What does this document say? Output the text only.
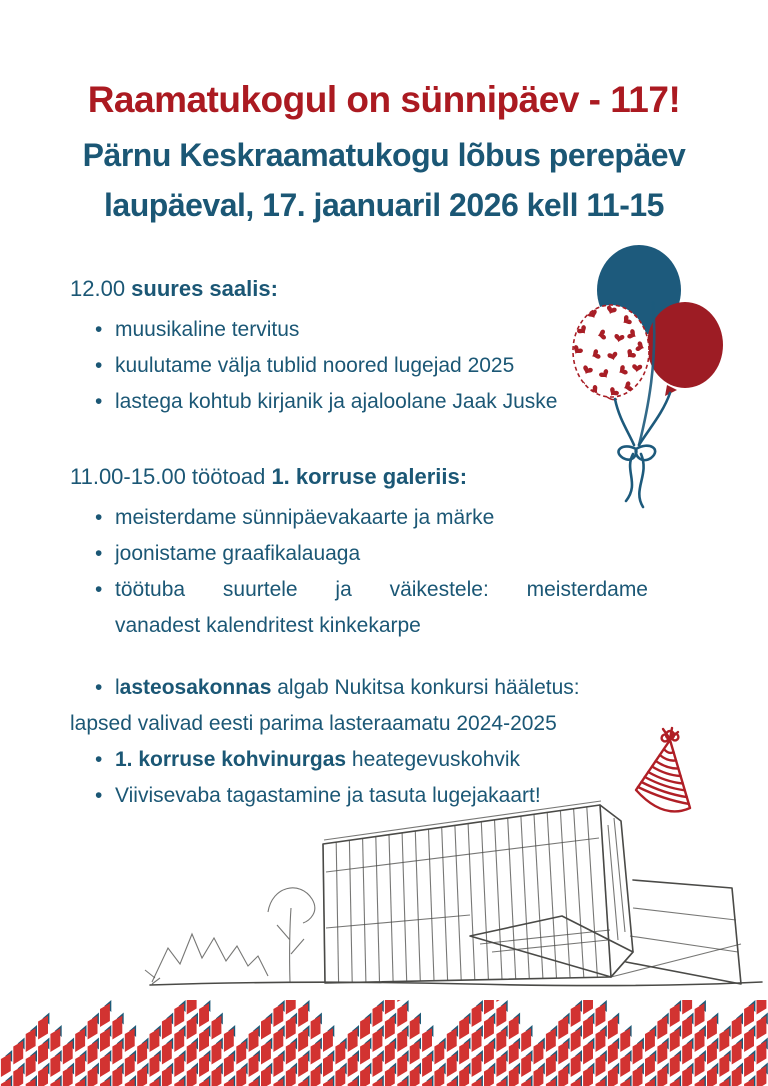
Raamatukogul on sünnipäev - 117!
Pärnu Keskraamatukogu lõbus perepäev
laupäeval, 17. jaanuaril 2026 kell 11-15
12.00 suures saalis:
• muusikaline tervitus
• kuulutame välja tublid noored lugejad 2025
• lastega kohtub kirjanik ja ajaloolane Jaak Juske
11.00-15.00 töötoad 1. korruse galeriis:
• meisterdame sünnipäevakaarte ja märke
• joonistame graafikalauaga
• töötuba suurtele ja väikestele: meisterdame
vanadest kalendritest kinkekarpe
• lasteosakonnas algab Nukitsa konkursi hääletus:
lapsed valivad eesti parima lasteraamatu 2024-2025
• 1. korruse kohvinurgas heategevuskohvik
• Viivisevaba tagastamine ja tasuta lugejakaart!
